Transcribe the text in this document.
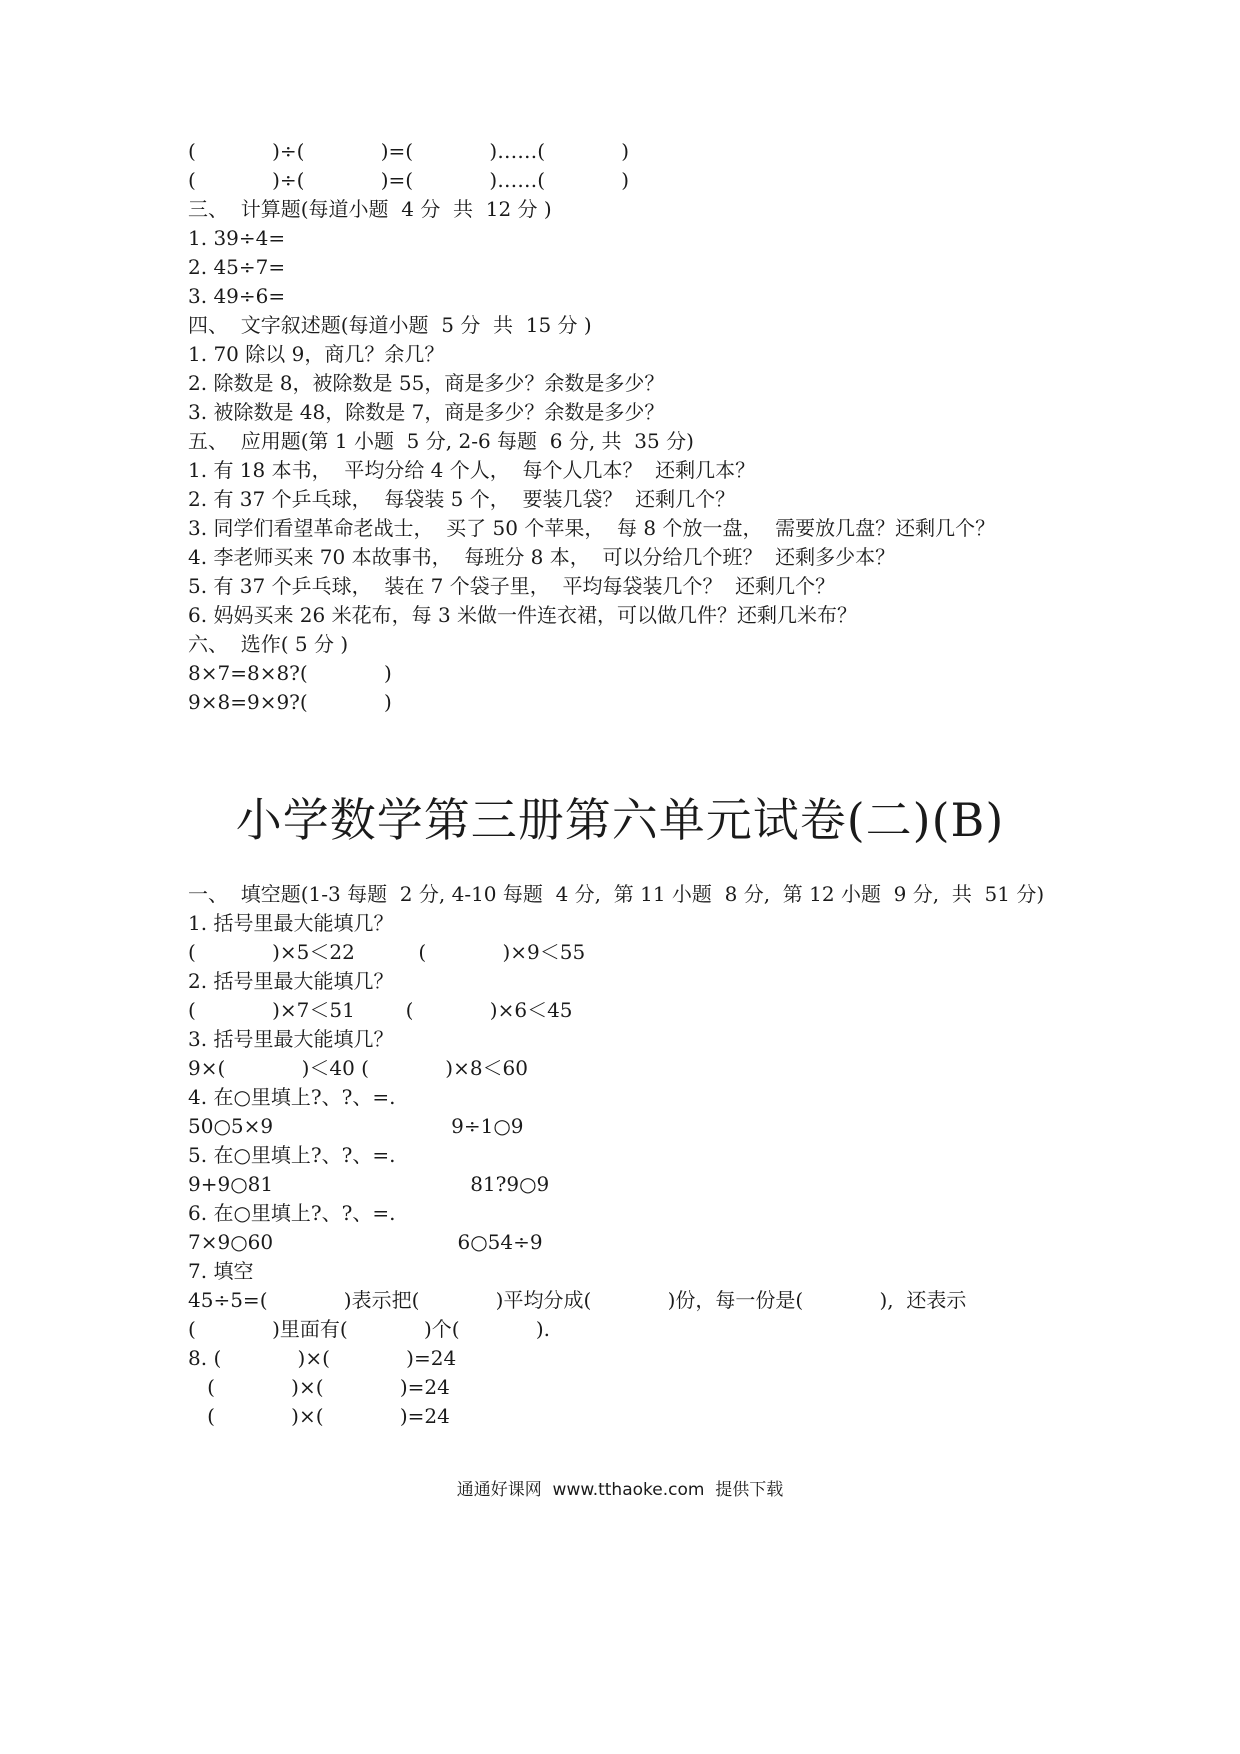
(            )÷(            )=(            )……(            )
(            )÷(            )=(            )……(            )
三、  计算题(每道小题  4 分  共  12 分 )
1. 39÷4=
2. 45÷7=
3. 49÷6=
四、  文字叙述题(每道小题  5 分  共  15 分 )
1. 70 除以 9，商几？余几？
2. 除数是 8，被除数是 55，商是多少？余数是多少？
3. 被除数是 48，除数是 7，商是多少？余数是多少？
五、  应用题(第 1 小题  5 分, 2-6 每题  6 分, 共  35 分)
1. 有 18 本书，  平均分给 4 个人，  每个人几本？  还剩几本？
2. 有 37 个乒乓球，  每袋装 5 个，  要装几袋？  还剩几个？
3. 同学们看望革命老战士，  买了 50 个苹果，  每 8 个放一盘，  需要放几盘？还剩几个？
4. 李老师买来 70 本故事书，  每班分 8 本，  可以分给几个班？  还剩多少本？
5. 有 37 个乒乓球，  装在 7 个袋子里，  平均每袋装几个？  还剩几个？
6. 妈妈买来 26 米花布，每 3 米做一件连衣裙，可以做几件？还剩几米布？
六、  选作( 5 分 )
8×7=8×8?(            )
9×8=9×9?(            )
小学数学第三册第六单元试卷(二)(B)
一、  填空题(1-3 每题  2 分, 4-10 每题  4 分,  第 11 小题  8 分,  第 12 小题  9 分,  共  51 分)
1. 括号里最大能填几？
(            )×5＜22          (            )×9＜55
2. 括号里最大能填几？
(            )×7＜51        (            )×6＜45
3. 括号里最大能填几？
9×(            )＜40 (            )×8＜60
4. 在○里填上?、?、=.
50○5×9                            9÷1○9
5. 在○里填上?、?、=.
9+9○81                               81?9○9
6. 在○里填上?、?、=.
7×9○60                             6○54÷9
7. 填空
45÷5=(            )表示把(            )平均分成(            )份，每一份是(            ),  还表示
(            )里面有(            )个(            ).
8. (            )×(            )=24
(            )×(            )=24
(            )×(            )=24
通通好课网  www.tthaoke.com  提供下载
